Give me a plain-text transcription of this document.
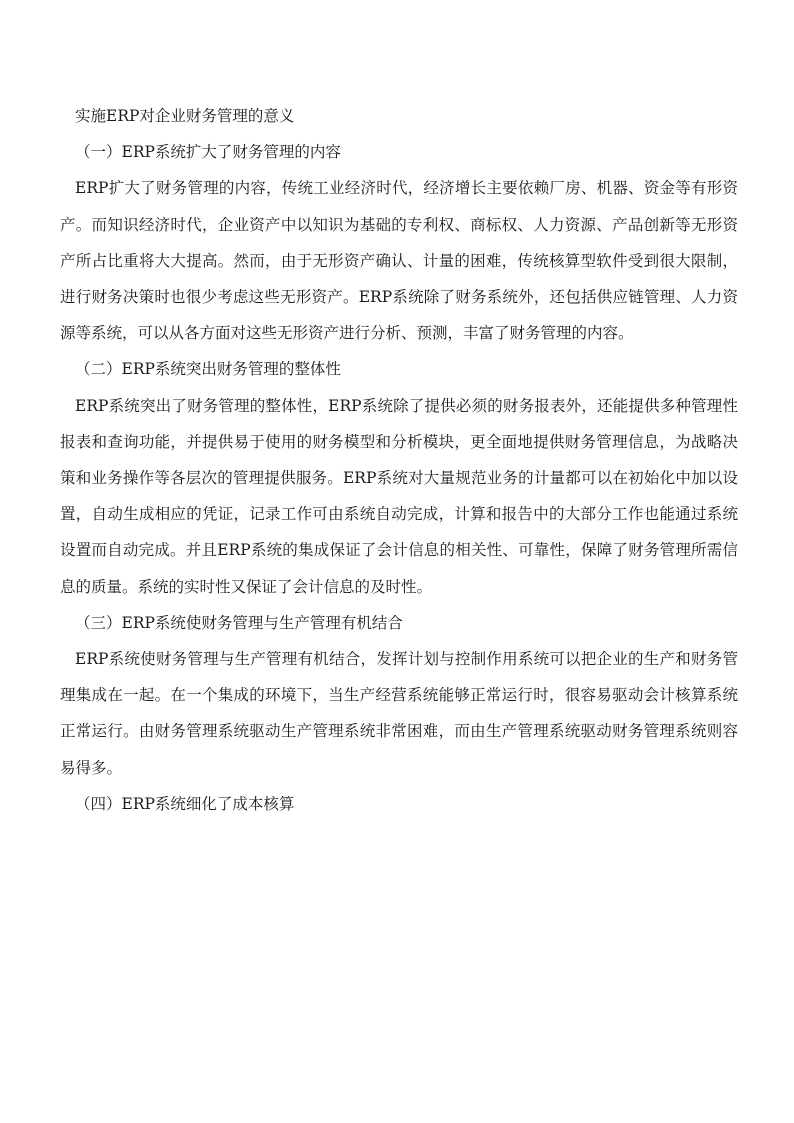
实施ERP对企业财务管理的意义

（一）ERP系统扩大了财务管理的内容

ERP扩大了财务管理的内容，传统工业经济时代，经济增长主要依赖厂房、机器、资金等有形资产。而知识经济时代，企业资产中以知识为基础的专利权、商标权、人力资源、产品创新等无形资产所占比重将大大提高。然而，由于无形资产确认、计量的困难，传统核算型软件受到很大限制，进行财务决策时也很少考虑这些无形资产。ERP系统除了财务系统外，还包括供应链管理、人力资源等系统，可以从各方面对这些无形资产进行分析、预测，丰富了财务管理的内容。

（二）ERP系统突出财务管理的整体性

ERP系统突出了财务管理的整体性，ERP系统除了提供必须的财务报表外，还能提供多种管理性报表和查询功能，并提供易于使用的财务模型和分析模块，更全面地提供财务管理信息，为战略决策和业务操作等各层次的管理提供服务。ERP系统对大量规范业务的计量都可以在初始化中加以设置，自动生成相应的凭证，记录工作可由系统自动完成，计算和报告中的大部分工作也能通过系统设置而自动完成。并且ERP系统的集成保证了会计信息的相关性、可靠性，保障了财务管理所需信息的质量。系统的实时性又保证了会计信息的及时性。

（三）ERP系统使财务管理与生产管理有机结合

ERP系统使财务管理与生产管理有机结合，发挥计划与控制作用系统可以把企业的生产和财务管理集成在一起。在一个集成的环境下，当生产经营系统能够正常运行时，很容易驱动会计核算系统正常运行。由财务管理系统驱动生产管理系统非常困难，而由生产管理系统驱动财务管理系统则容易得多。

（四）ERP系统细化了成本核算
